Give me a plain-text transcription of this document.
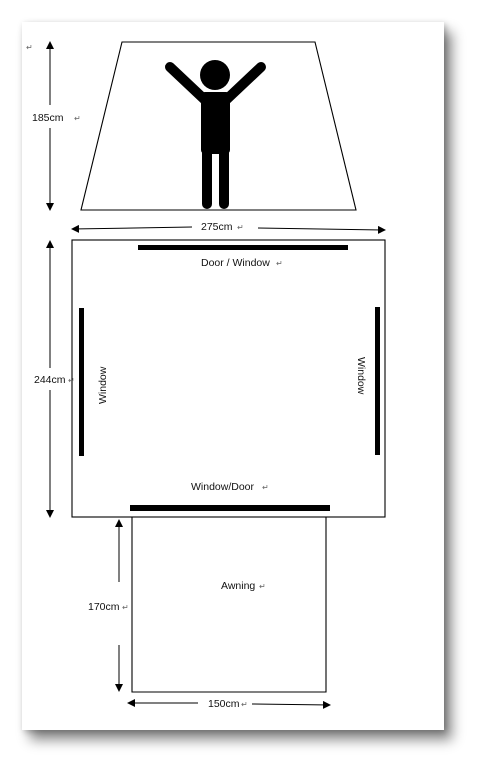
↵
185cm ↵
275cm ↵
Door / Window ↵
Window	Window
Window/Door ↵
244cm ↵
Awning ↵
170cm ↵
150cm ↵
